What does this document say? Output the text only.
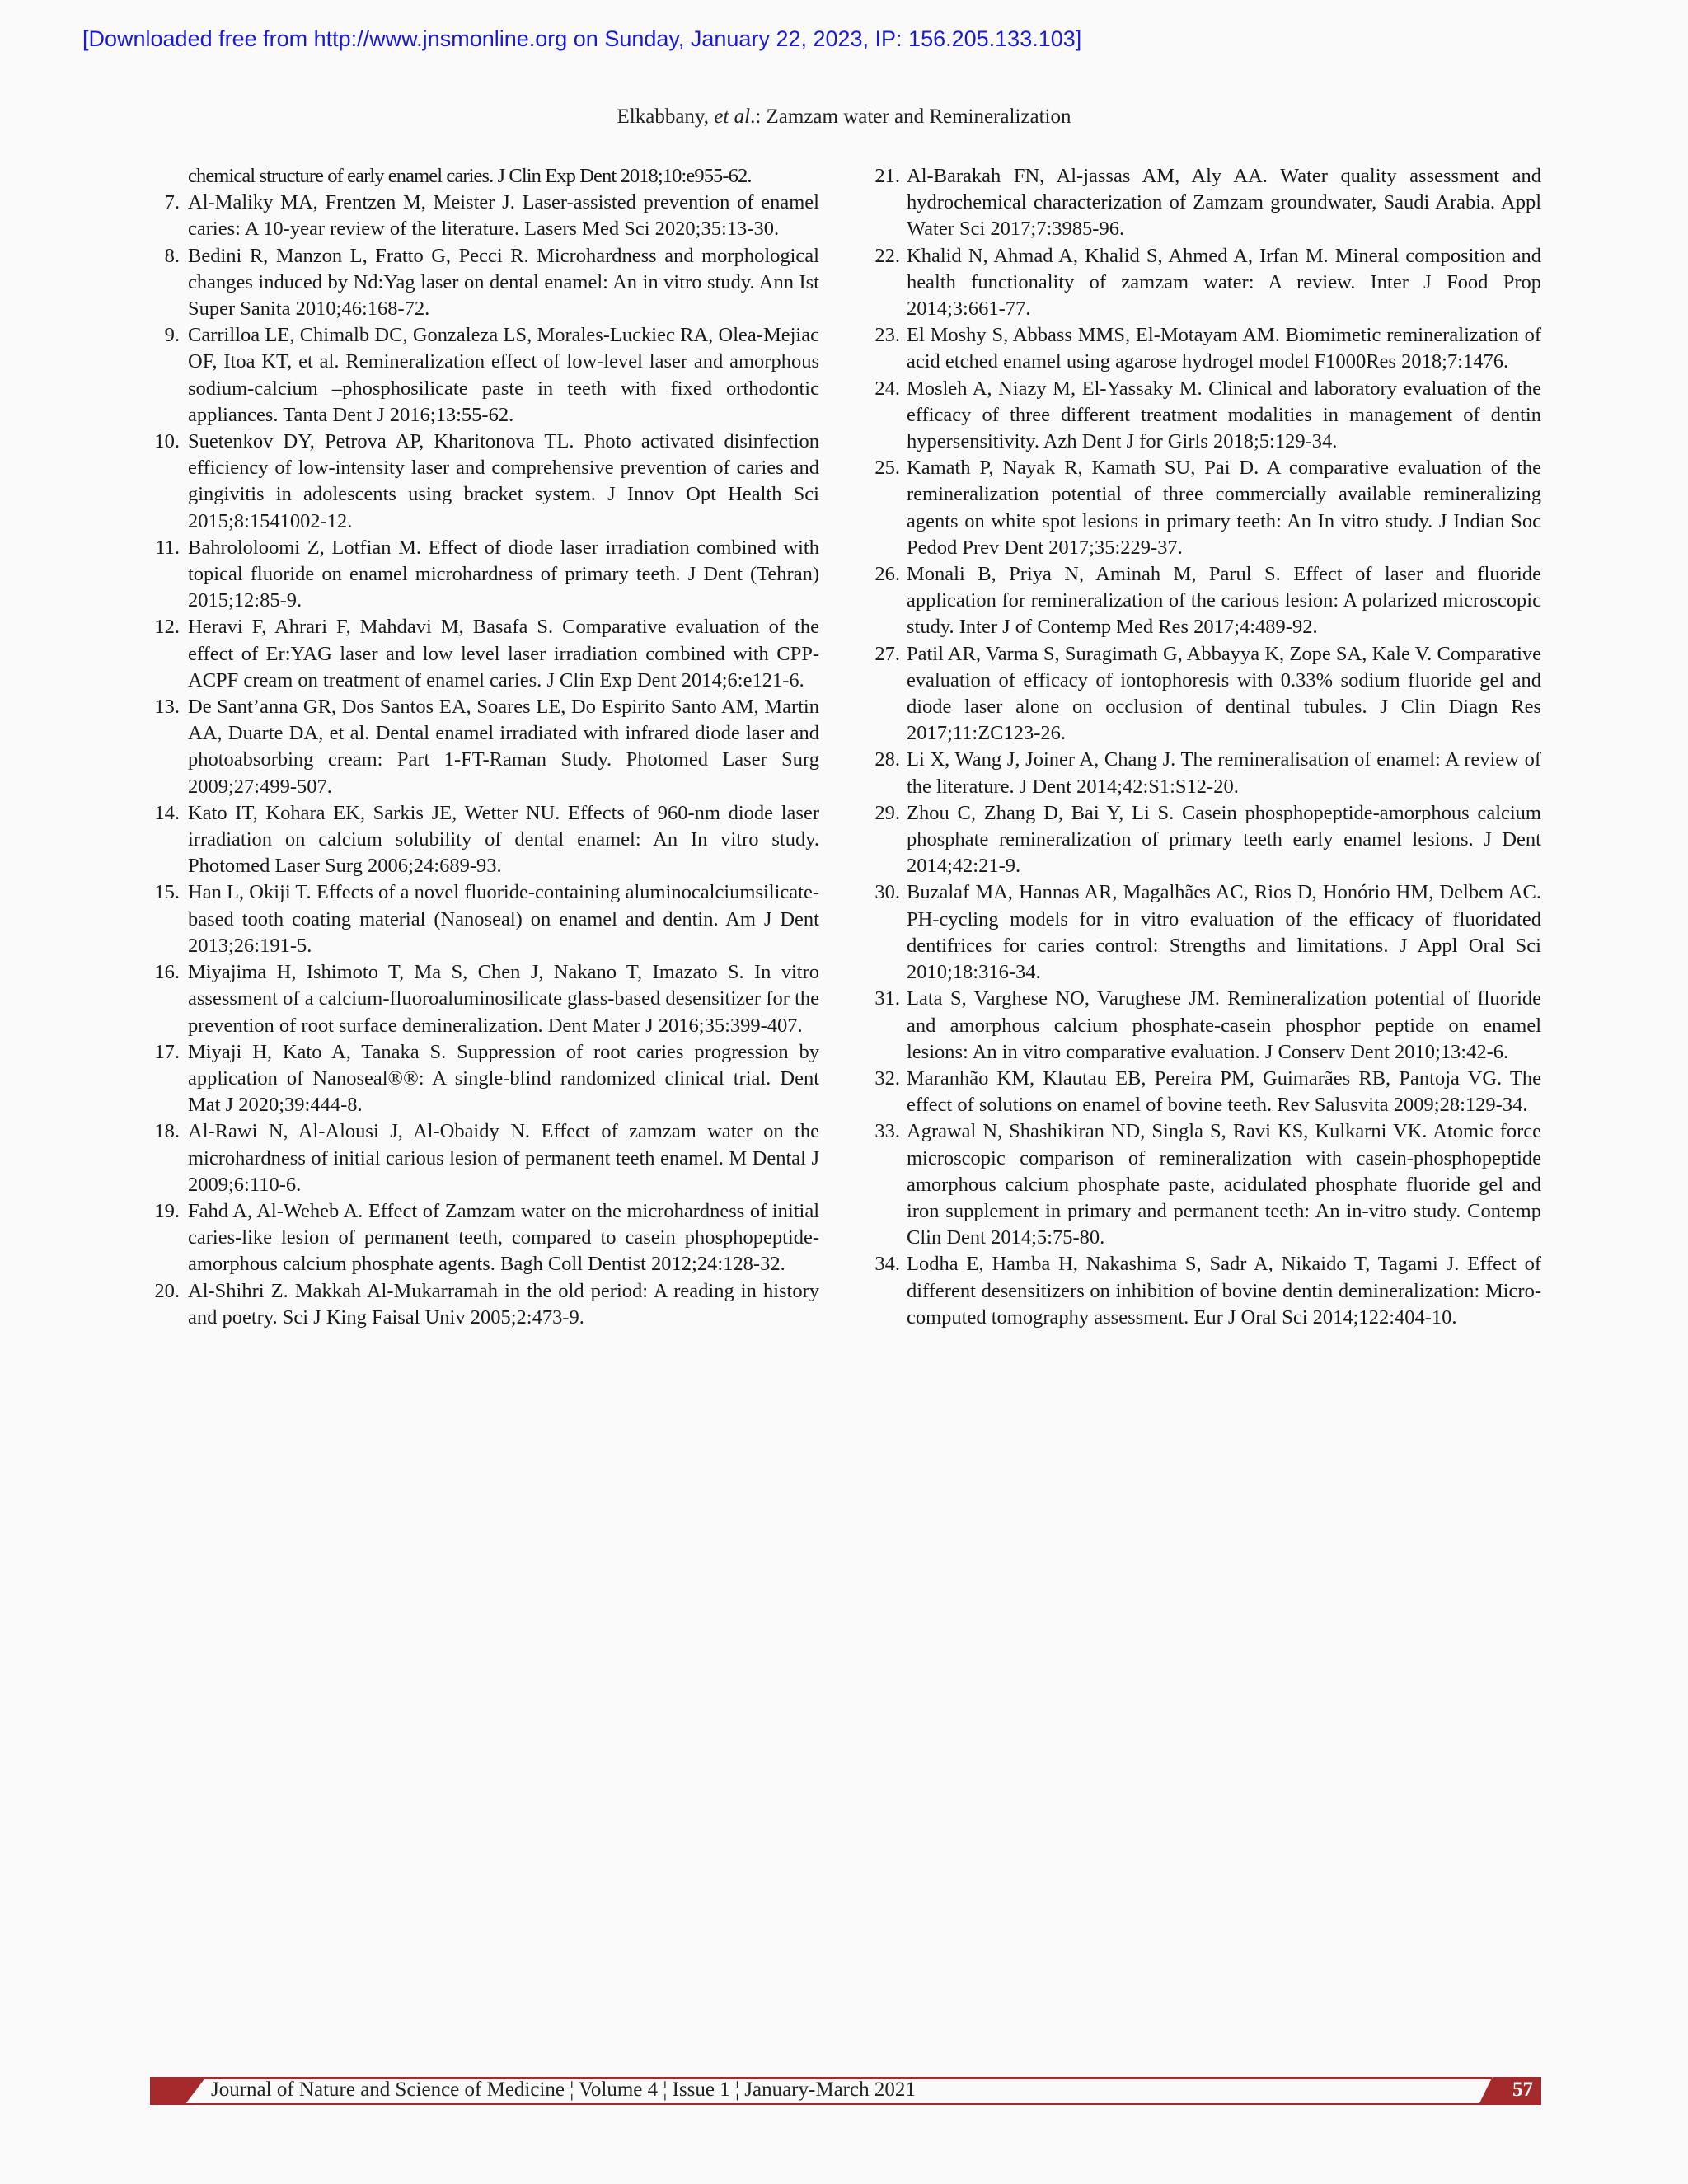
[Downloaded free from http://www.jnsmonline.org on Sunday, January 22, 2023, IP: 156.205.133.103]
Elkabbany, et al.: Zamzam water and Remineralization
chemical structure of early enamel caries. J Clin Exp Dent 2018;10:e955-62.
7. Al-Maliky MA, Frentzen M, Meister J. Laser-assisted prevention of enamel caries: A 10-year review of the literature. Lasers Med Sci 2020;35:13-30.
8. Bedini R, Manzon L, Fratto G, Pecci R. Microhardness and morphological changes induced by Nd:Yag laser on dental enamel: An in vitro study. Ann Ist Super Sanita 2010;46:168-72.
9. Carrilloa LE, Chimalb DC, Gonzaleza LS, Morales-Luckiec RA, Olea-Mejiac OF, Itoa KT, et al. Remineralization effect of low-level laser and amorphous sodium-calcium –phosphosilicate paste in teeth with fixed orthodontic appliances. Tanta Dent J 2016;13:55-62.
10. Suetenkov DY, Petrova AP, Kharitonova TL. Photo activated disinfection efficiency of low-intensity laser and comprehensive prevention of caries and gingivitis in adolescents using bracket system. J Innov Opt Health Sci 2015;8:1541002-12.
11. Bahrololoomi Z, Lotfian M. Effect of diode laser irradiation combined with topical fluoride on enamel microhardness of primary teeth. J Dent (Tehran) 2015;12:85-9.
12. Heravi F, Ahrari F, Mahdavi M, Basafa S. Comparative evaluation of the effect of Er:YAG laser and low level laser irradiation combined with CPP-ACPF cream on treatment of enamel caries. J Clin Exp Dent 2014;6:e121-6.
13. De Sant’anna GR, Dos Santos EA, Soares LE, Do Espirito Santo AM, Martin AA, Duarte DA, et al. Dental enamel irradiated with infrared diode laser and photoabsorbing cream: Part 1-FT-Raman Study. Photomed Laser Surg 2009;27:499-507.
14. Kato IT, Kohara EK, Sarkis JE, Wetter NU. Effects of 960-nm diode laser irradiation on calcium solubility of dental enamel: An In vitro study. Photomed Laser Surg 2006;24:689-93.
15. Han L, Okiji T. Effects of a novel fluoride-containing aluminocalciumsilicate-based tooth coating material (Nanoseal) on enamel and dentin. Am J Dent 2013;26:191-5.
16. Miyajima H, Ishimoto T, Ma S, Chen J, Nakano T, Imazato S. In vitro assessment of a calcium-fluoroaluminosilicate glass-based desensitizer for the prevention of root surface demineralization. Dent Mater J 2016;35:399-407.
17. Miyaji H, Kato A, Tanaka S. Suppression of root caries progression by application of Nanoseal®®: A single-blind randomized clinical trial. Dent Mat J 2020;39:444-8.
18. Al-Rawi N, Al-Alousi J, Al-Obaidy N. Effect of zamzam water on the microhardness of initial carious lesion of permanent teeth enamel. M Dental J 2009;6:110-6.
19. Fahd A, Al-Weheb A. Effect of Zamzam water on the microhardness of initial caries-like lesion of permanent teeth, compared to casein phosphopeptide-amorphous calcium phosphate agents. Bagh Coll Dentist 2012;24:128-32.
20. Al-Shihri Z. Makkah Al-Mukarramah in the old period: A reading in history and poetry. Sci J King Faisal Univ 2005;2:473-9.
21. Al-Barakah FN, Al-jassas AM, Aly AA. Water quality assessment and hydrochemical characterization of Zamzam groundwater, Saudi Arabia. Appl Water Sci 2017;7:3985-96.
22. Khalid N, Ahmad A, Khalid S, Ahmed A, Irfan M. Mineral composition and health functionality of zamzam water: A review. Inter J Food Prop 2014;3:661-77.
23. El Moshy S, Abbass MMS, El-Motayam AM. Biomimetic remineralization of acid etched enamel using agarose hydrogel model F1000Res 2018;7:1476.
24. Mosleh A, Niazy M, El-Yassaky M. Clinical and laboratory evaluation of the efficacy of three different treatment modalities in management of dentin hypersensitivity. Azh Dent J for Girls 2018;5:129-34.
25. Kamath P, Nayak R, Kamath SU, Pai D. A comparative evaluation of the remineralization potential of three commercially available remineralizing agents on white spot lesions in primary teeth: An In vitro study. J Indian Soc Pedod Prev Dent 2017;35:229-37.
26. Monali B, Priya N, Aminah M, Parul S. Effect of laser and fluoride application for remineralization of the carious lesion: A polarized microscopic study. Inter J of Contemp Med Res 2017;4:489-92.
27. Patil AR, Varma S, Suragimath G, Abbayya K, Zope SA, Kale V. Comparative evaluation of efficacy of iontophoresis with 0.33% sodium fluoride gel and diode laser alone on occlusion of dentinal tubules. J Clin Diagn Res 2017;11:ZC123-26.
28. Li X, Wang J, Joiner A, Chang J. The remineralisation of enamel: A review of the literature. J Dent 2014;42:S1:S12-20.
29. Zhou C, Zhang D, Bai Y, Li S. Casein phosphopeptide-amorphous calcium phosphate remineralization of primary teeth early enamel lesions. J Dent 2014;42:21-9.
30. Buzalaf MA, Hannas AR, Magalhães AC, Rios D, Honório HM, Delbem AC. PH-cycling models for in vitro evaluation of the efficacy of fluoridated dentifrices for caries control: Strengths and limitations. J Appl Oral Sci 2010;18:316-34.
31. Lata S, Varghese NO, Varughese JM. Remineralization potential of fluoride and amorphous calcium phosphate-casein phosphor peptide on enamel lesions: An in vitro comparative evaluation. J Conserv Dent 2010;13:42-6.
32. Maranhão KM, Klautau EB, Pereira PM, Guimarães RB, Pantoja VG. The effect of solutions on enamel of bovine teeth. Rev Salusvita 2009;28:129-34.
33. Agrawal N, Shashikiran ND, Singla S, Ravi KS, Kulkarni VK. Atomic force microscopic comparison of remineralization with casein-phosphopeptide amorphous calcium phosphate paste, acidulated phosphate fluoride gel and iron supplement in primary and permanent teeth: An in-vitro study. Contemp Clin Dent 2014;5:75-80.
34. Lodha E, Hamba H, Nakashima S, Sadr A, Nikaido T, Tagami J. Effect of different desensitizers on inhibition of bovine dentin demineralization: Micro-computed tomography assessment. Eur J Oral Sci 2014;122:404-10.
Journal of Nature and Science of Medicine ¦ Volume 4 ¦ Issue 1 ¦ January-March 2021	57
